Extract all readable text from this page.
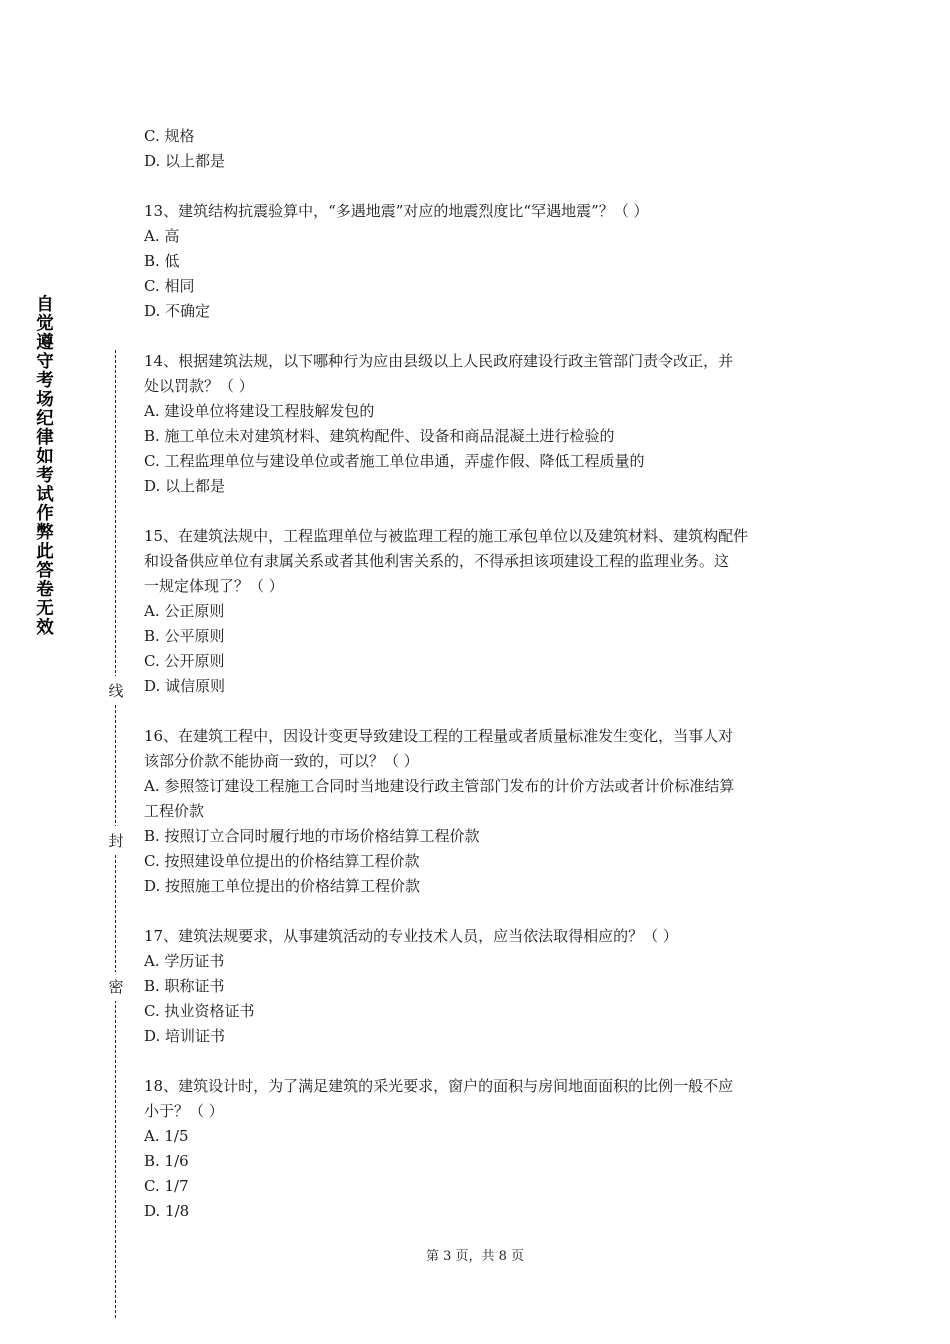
自觉遵守考场纪律如考试作弊此答卷无效
线
封
密
C. 规格
D. 以上都是
13、建筑结构抗震验算中，“多遇地震”对应的地震烈度比“罕遇地震”？（ ）
A. 高
B. 低
C. 相同
D. 不确定
14、根据建筑法规，以下哪种行为应由县级以上人民政府建设行政主管部门责令改正，并
处以罚款？（ ）
A. 建设单位将建设工程肢解发包的
B. 施工单位未对建筑材料、建筑构配件、设备和商品混凝土进行检验的
C. 工程监理单位与建设单位或者施工单位串通，弄虚作假、降低工程质量的
D. 以上都是
15、在建筑法规中，工程监理单位与被监理工程的施工承包单位以及建筑材料、建筑构配件
和设备供应单位有隶属关系或者其他利害关系的，不得承担该项建设工程的监理业务。这
一规定体现了？（ ）
A. 公正原则
B. 公平原则
C. 公开原则
D. 诚信原则
16、在建筑工程中，因设计变更导致建设工程的工程量或者质量标准发生变化，当事人对
该部分价款不能协商一致的，可以？（ ）
A. 参照签订建设工程施工合同时当地建设行政主管部门发布的计价方法或者计价标准结算
工程价款
B. 按照订立合同时履行地的市场价格结算工程价款
C. 按照建设单位提出的价格结算工程价款
D. 按照施工单位提出的价格结算工程价款
17、建筑法规要求，从事建筑活动的专业技术人员，应当依法取得相应的？（ ）
A. 学历证书
B. 职称证书
C. 执业资格证书
D. 培训证书
18、建筑设计时，为了满足建筑的采光要求，窗户的面积与房间地面面积的比例一般不应
小于？（ ）
A. 1/5
B. 1/6
C. 1/7
D. 1/8
第 3 页，共 8 页
